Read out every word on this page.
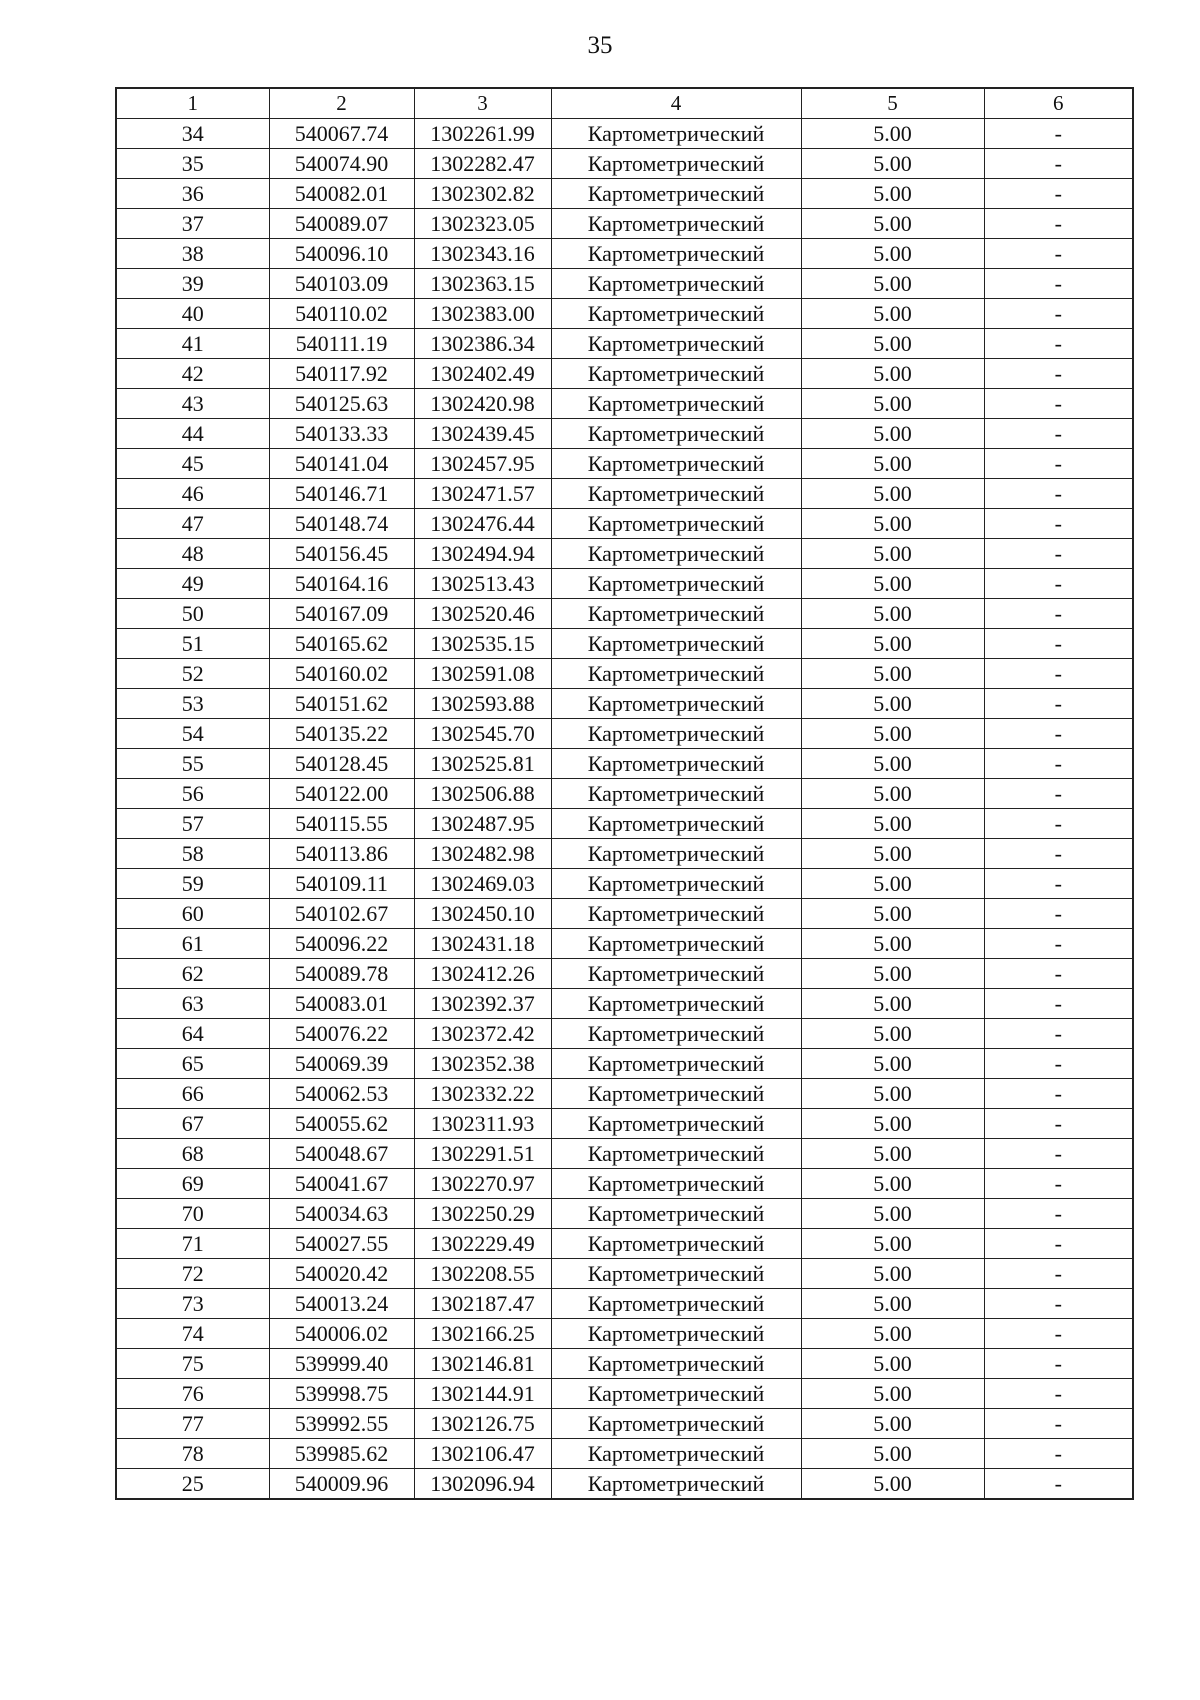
35
1	2	3	4	5	6
34	540067.74	1302261.99	Картометрический	5.00	-
35	540074.90	1302282.47	Картометрический	5.00	-
36	540082.01	1302302.82	Картометрический	5.00	-
37	540089.07	1302323.05	Картометрический	5.00	-
38	540096.10	1302343.16	Картометрический	5.00	-
39	540103.09	1302363.15	Картометрический	5.00	-
40	540110.02	1302383.00	Картометрический	5.00	-
41	540111.19	1302386.34	Картометрический	5.00	-
42	540117.92	1302402.49	Картометрический	5.00	-
43	540125.63	1302420.98	Картометрический	5.00	-
44	540133.33	1302439.45	Картометрический	5.00	-
45	540141.04	1302457.95	Картометрический	5.00	-
46	540146.71	1302471.57	Картометрический	5.00	-
47	540148.74	1302476.44	Картометрический	5.00	-
48	540156.45	1302494.94	Картометрический	5.00	-
49	540164.16	1302513.43	Картометрический	5.00	-
50	540167.09	1302520.46	Картометрический	5.00	-
51	540165.62	1302535.15	Картометрический	5.00	-
52	540160.02	1302591.08	Картометрический	5.00	-
53	540151.62	1302593.88	Картометрический	5.00	-
54	540135.22	1302545.70	Картометрический	5.00	-
55	540128.45	1302525.81	Картометрический	5.00	-
56	540122.00	1302506.88	Картометрический	5.00	-
57	540115.55	1302487.95	Картометрический	5.00	-
58	540113.86	1302482.98	Картометрический	5.00	-
59	540109.11	1302469.03	Картометрический	5.00	-
60	540102.67	1302450.10	Картометрический	5.00	-
61	540096.22	1302431.18	Картометрический	5.00	-
62	540089.78	1302412.26	Картометрический	5.00	-
63	540083.01	1302392.37	Картометрический	5.00	-
64	540076.22	1302372.42	Картометрический	5.00	-
65	540069.39	1302352.38	Картометрический	5.00	-
66	540062.53	1302332.22	Картометрический	5.00	-
67	540055.62	1302311.93	Картометрический	5.00	-
68	540048.67	1302291.51	Картометрический	5.00	-
69	540041.67	1302270.97	Картометрический	5.00	-
70	540034.63	1302250.29	Картометрический	5.00	-
71	540027.55	1302229.49	Картометрический	5.00	-
72	540020.42	1302208.55	Картометрический	5.00	-
73	540013.24	1302187.47	Картометрический	5.00	-
74	540006.02	1302166.25	Картометрический	5.00	-
75	539999.40	1302146.81	Картометрический	5.00	-
76	539998.75	1302144.91	Картометрический	5.00	-
77	539992.55	1302126.75	Картометрический	5.00	-
78	539985.62	1302106.47	Картометрический	5.00	-
25	540009.96	1302096.94	Картометрический	5.00	-
